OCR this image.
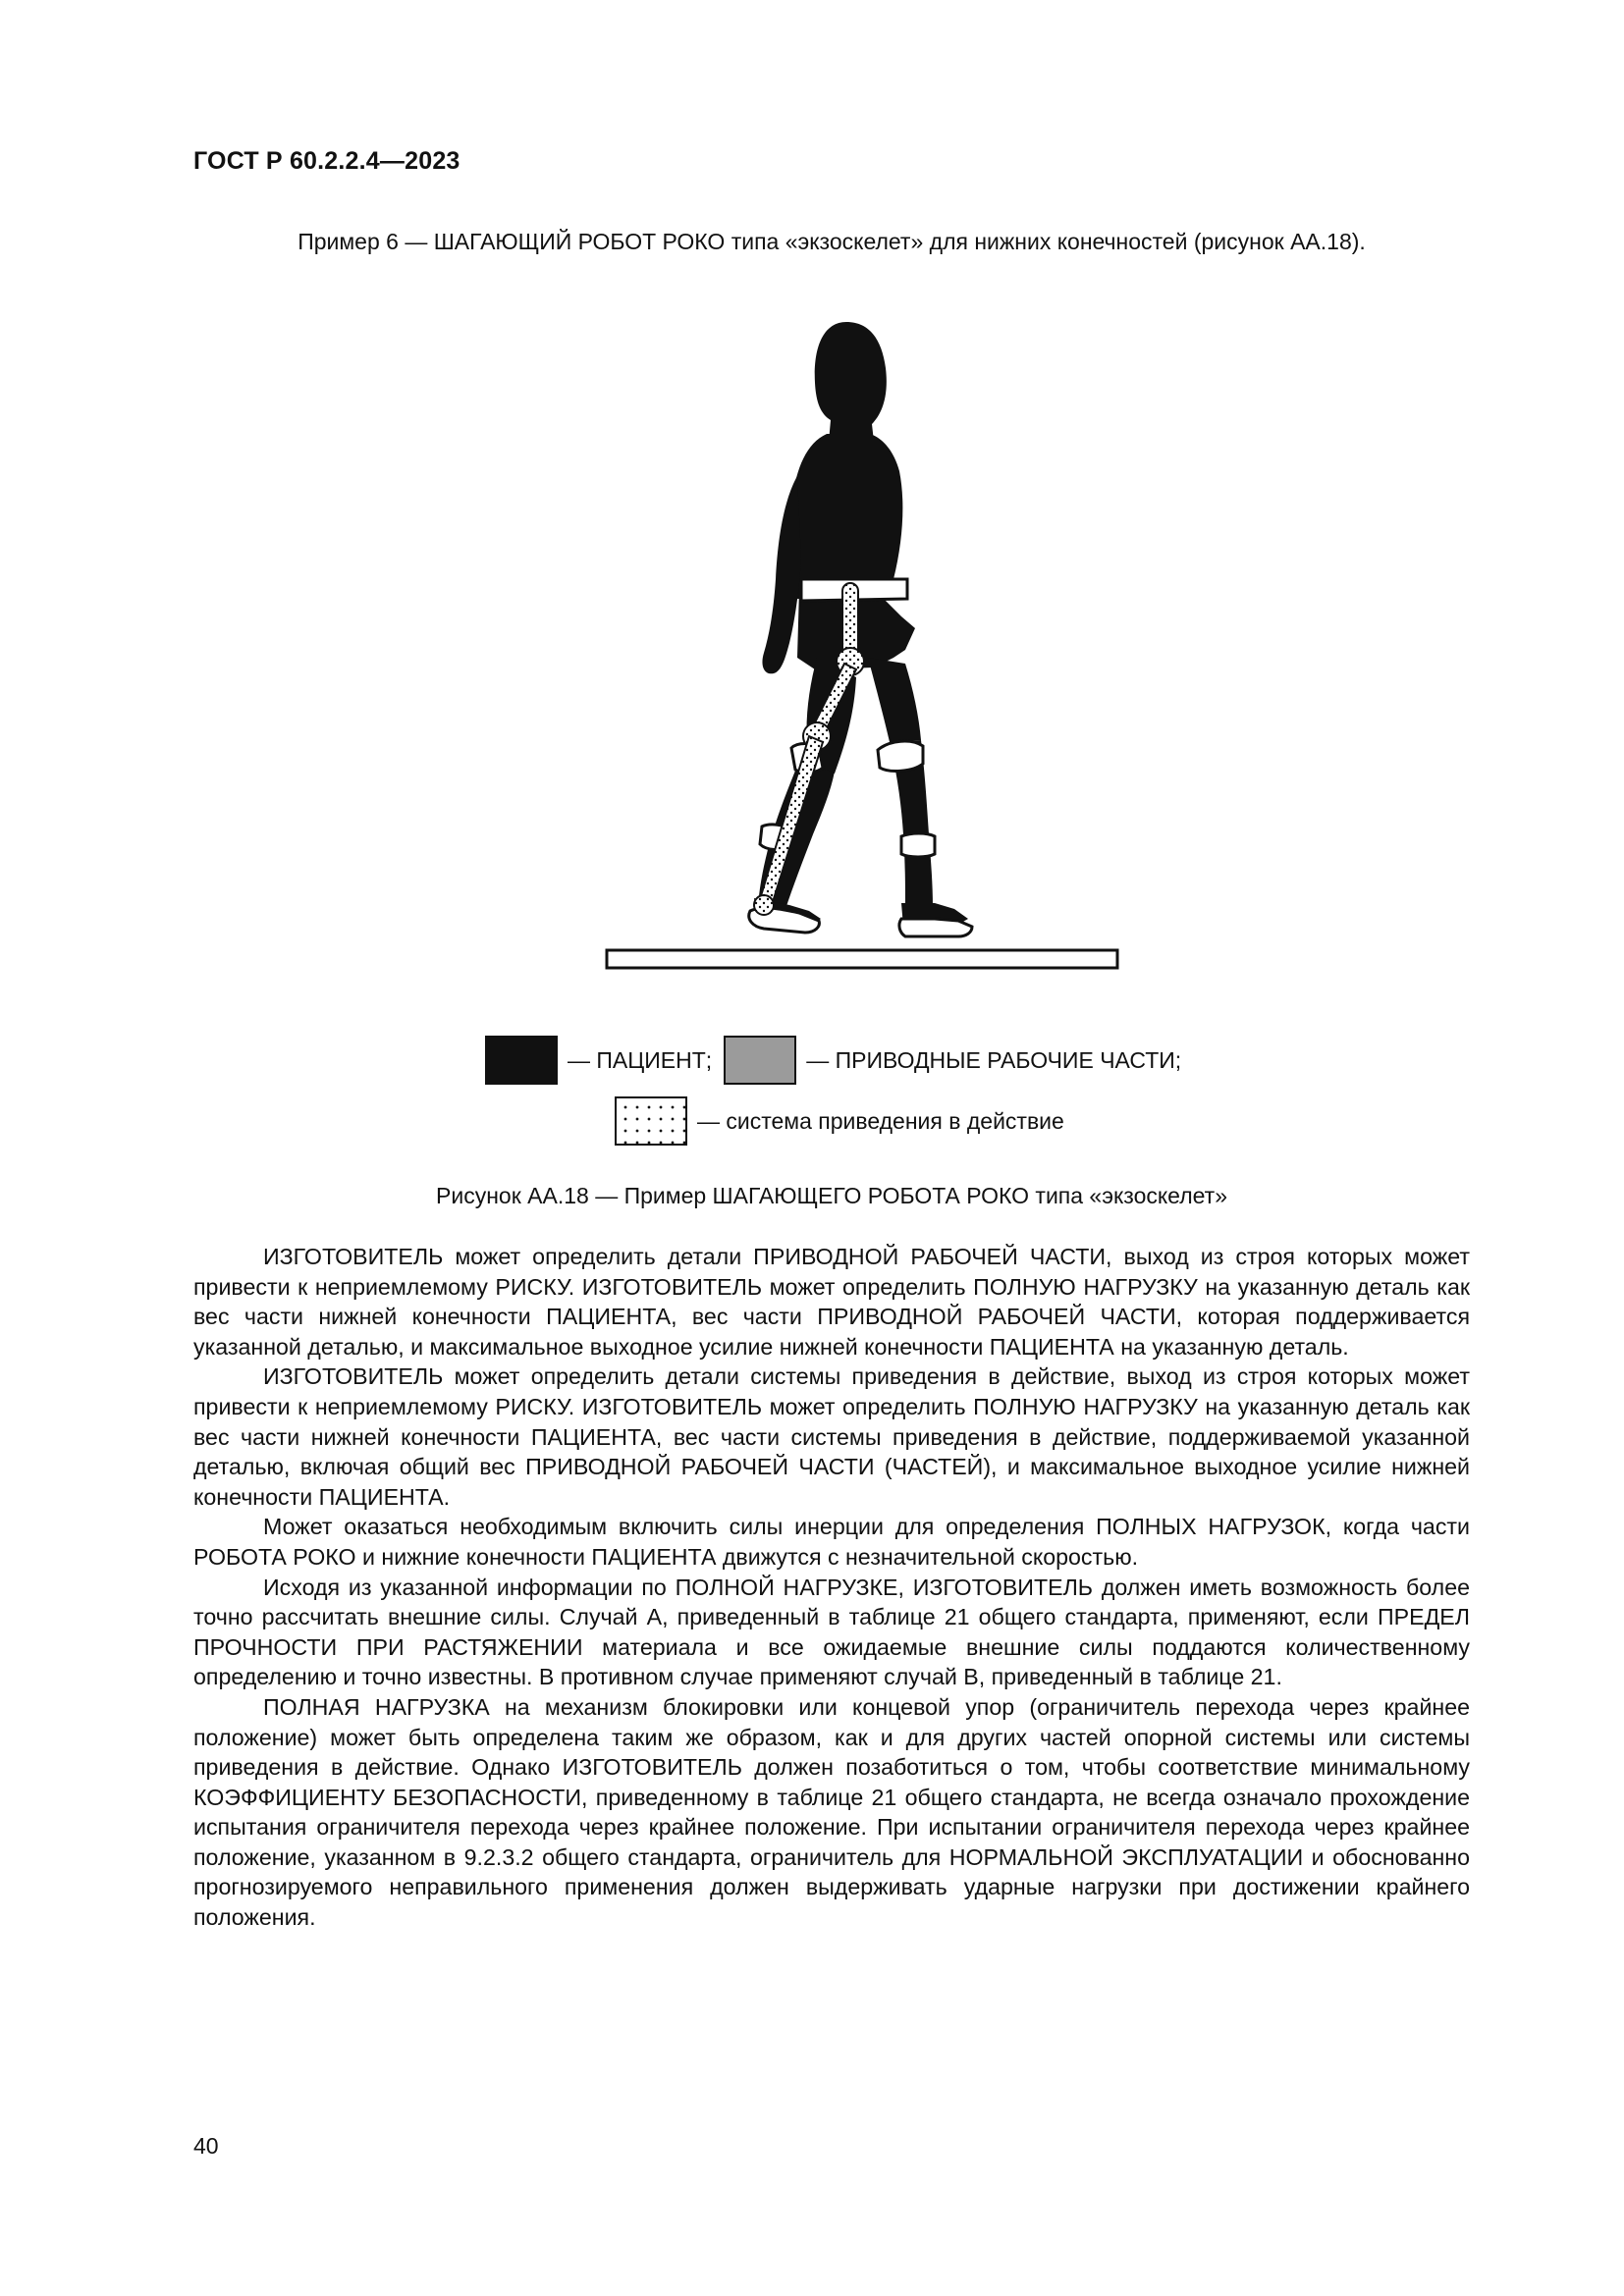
ГОСТ Р 60.2.2.4—2023
Пример 6 — ШАГАЮЩИЙ РОБОТ РОКО типа «экзоскелет» для нижних конечностей (рисунок АА.18).
— ПАЦИЕНТ;	— ПРИВОДНЫЕ РАБОЧИЕ ЧАСТИ;
— система приведения в действие
Рисунок АА.18 — Пример ШАГАЮЩЕГО РОБОТА РОКО типа «экзоскелет»

ИЗГОТОВИТЕЛЬ может определить детали ПРИВОДНОЙ РАБОЧЕЙ ЧАСТИ, выход из строя которых может привести к неприемлемому РИСКУ. ИЗГОТОВИТЕЛЬ может определить ПОЛНУЮ НАГРУЗКУ на указанную деталь как вес части нижней конечности ПАЦИЕНТА, вес части ПРИВОДНОЙ РАБОЧЕЙ ЧАСТИ, которая поддерживается указанной деталью, и максимальное выходное усилие нижней конечности ПАЦИЕНТА на указанную деталь.

ИЗГОТОВИТЕЛЬ может определить детали системы приведения в действие, выход из строя которых может привести к неприемлемому РИСКУ. ИЗГОТОВИТЕЛЬ может определить ПОЛНУЮ НАГРУЗКУ на указанную деталь как вес части нижней конечности ПАЦИЕНТА, вес части системы приведения в действие, поддерживаемой указанной деталью, включая общий вес ПРИВОДНОЙ РАБОЧЕЙ ЧАСТИ (ЧАСТЕЙ), и максимальное выходное усилие нижней конечности ПАЦИЕНТА.

Может оказаться необходимым включить силы инерции для определения ПОЛНЫХ НАГРУЗОК, когда части РОБОТА РОКО и нижние конечности ПАЦИЕНТА движутся с незначительной скоростью.

Исходя из указанной информации по ПОЛНОЙ НАГРУЗКЕ, ИЗГОТОВИТЕЛЬ должен иметь возможность более точно рассчитать внешние силы. Случай А, приведенный в таблице 21 общего стандарта, применяют, если ПРЕДЕЛ ПРОЧНОСТИ ПРИ РАСТЯЖЕНИИ материала и все ожидаемые внешние силы поддаются количественному определению и точно известны. В противном случае применяют случай В, приведенный в таблице 21.

ПОЛНАЯ НАГРУЗКА на механизм блокировки или концевой упор (ограничитель перехода через крайнее положение) может быть определена таким же образом, как и для других частей опорной системы или системы приведения в действие. Однако ИЗГОТОВИТЕЛЬ должен позаботиться о том, чтобы соответствие минимальному КОЭФФИЦИЕНТУ БЕЗОПАСНОСТИ, приведенному в таблице 21 общего стандарта, не всегда означало прохождение испытания ограничителя перехода через крайнее положение. При испытании ограничителя перехода через крайнее положение, указанном в 9.2.3.2 общего стандарта, ограничитель для НОРМАЛЬНОЙ ЭКСПЛУАТАЦИИ и обоснованно прогнозируемого неправильного применения должен выдерживать ударные нагрузки при достижении крайнего положения.

40
